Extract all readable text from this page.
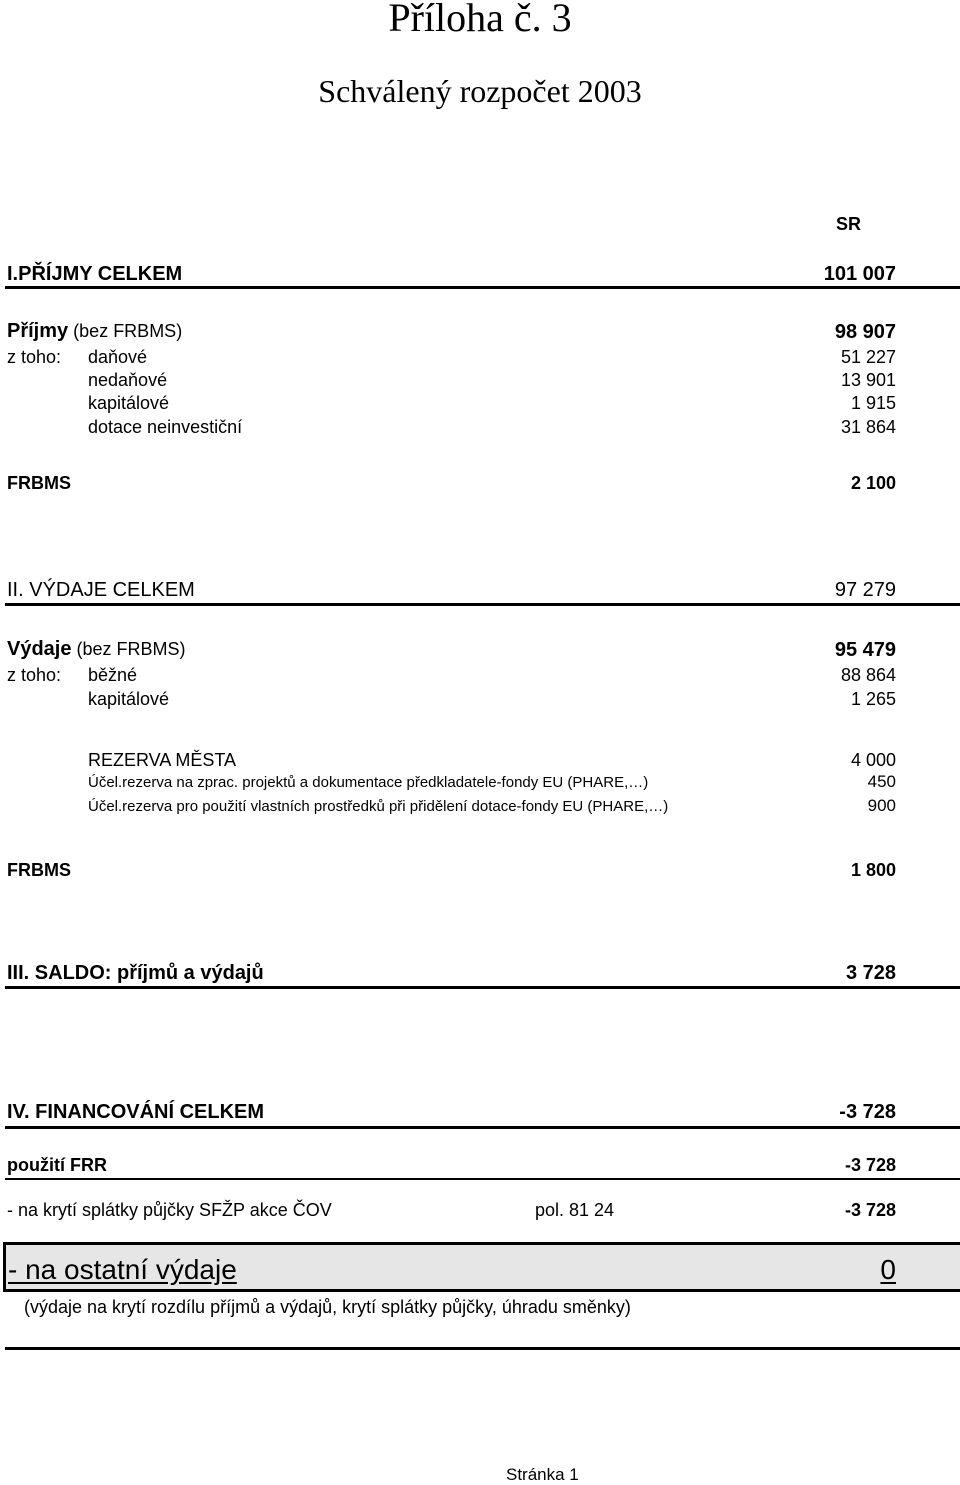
Příloha č. 3
Schválený rozpočet 2003
SR
I.PŘÍJMY CELKEM	101 007
Příjmy (bez FRBMS)	98 907
z toho: daňové	51 227
nedaňové	13 901
kapitálové	1 915
dotace neinvestiční	31 864
FRBMS	2 100
II. VÝDAJE CELKEM	97 279
Výdaje (bez FRBMS)	95 479
z toho: běžné	88 864
kapitálové	1 265
REZERVA MĚSTA	4 000
Účel.rezerva na zprac. projektů a dokumentace předkladatele-fondy EU (PHARE,…)	450
Účel.rezerva pro použití vlastních prostředků při přidělení dotace-fondy EU (PHARE,…)	900
FRBMS	1 800
III. SALDO: příjmů a výdajů	3 728
IV. FINANCOVÁNÍ CELKEM	-3 728
použití FRR	-3 728
- na krytí splátky půjčky SFŽP akce ČOV	pol. 81 24	-3 728
- na ostatní výdaje	0
(výdaje na krytí rozdílu příjmů a výdajů, krytí splátky půjčky, úhradu směnky)
Stránka 1
